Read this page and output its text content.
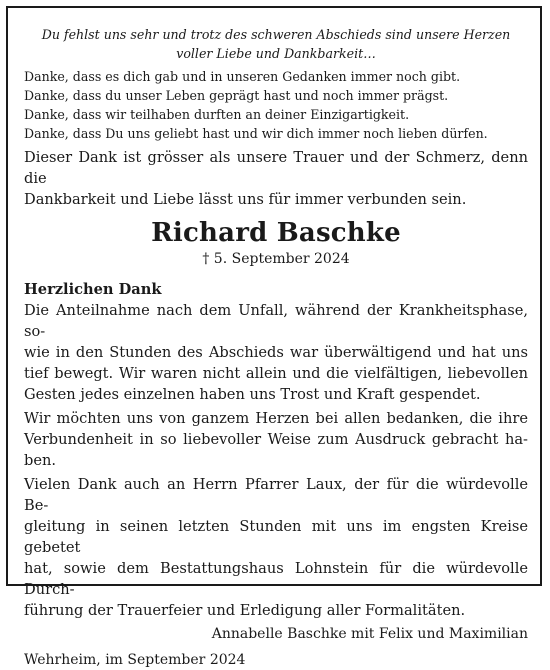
Du fehlst uns sehr und trotz des schweren Abschieds sind unsere Herzen
voller Liebe und Dankbarkeit…
Danke, dass es dich gab und in unseren Gedanken immer noch gibt.
Danke, dass du unser Leben geprägt hast und noch immer prägst.
Danke, dass wir teilhaben durften an deiner Einzigartigkeit.
Danke, dass Du uns geliebt hast und wir dich immer noch lieben dürfen.
Dieser Dank ist grösser als unsere Trauer und der Schmerz, denn die
Dankbarkeit und Liebe lässt uns für immer verbunden sein.
Richard Baschke
† 5. September 2024
Herzlichen Dank
Die Anteilnahme nach dem Unfall, während der Krankheitsphase, so-
wie in den Stunden des Abschieds war überwältigend und hat uns
tief bewegt. Wir waren nicht allein und die vielfältigen, liebevollen
Gesten jedes einzelnen haben uns Trost und Kraft gespendet.
Wir möchten uns von ganzem Herzen bei allen bedanken, die ihre
Verbundenheit in so liebevoller Weise zum Ausdruck gebracht ha-
ben.
Vielen Dank auch an Herrn Pfarrer Laux, der für die würdevolle Be-
gleitung in seinen letzten Stunden mit uns im engsten Kreise gebetet
hat, sowie dem Bestattungshaus Lohnstein für die würdevolle Durch-
führung der Trauerfeier und Erledigung aller Formalitäten.
Annabelle Baschke mit Felix und Maximilian
Wehrheim, im September 2024
